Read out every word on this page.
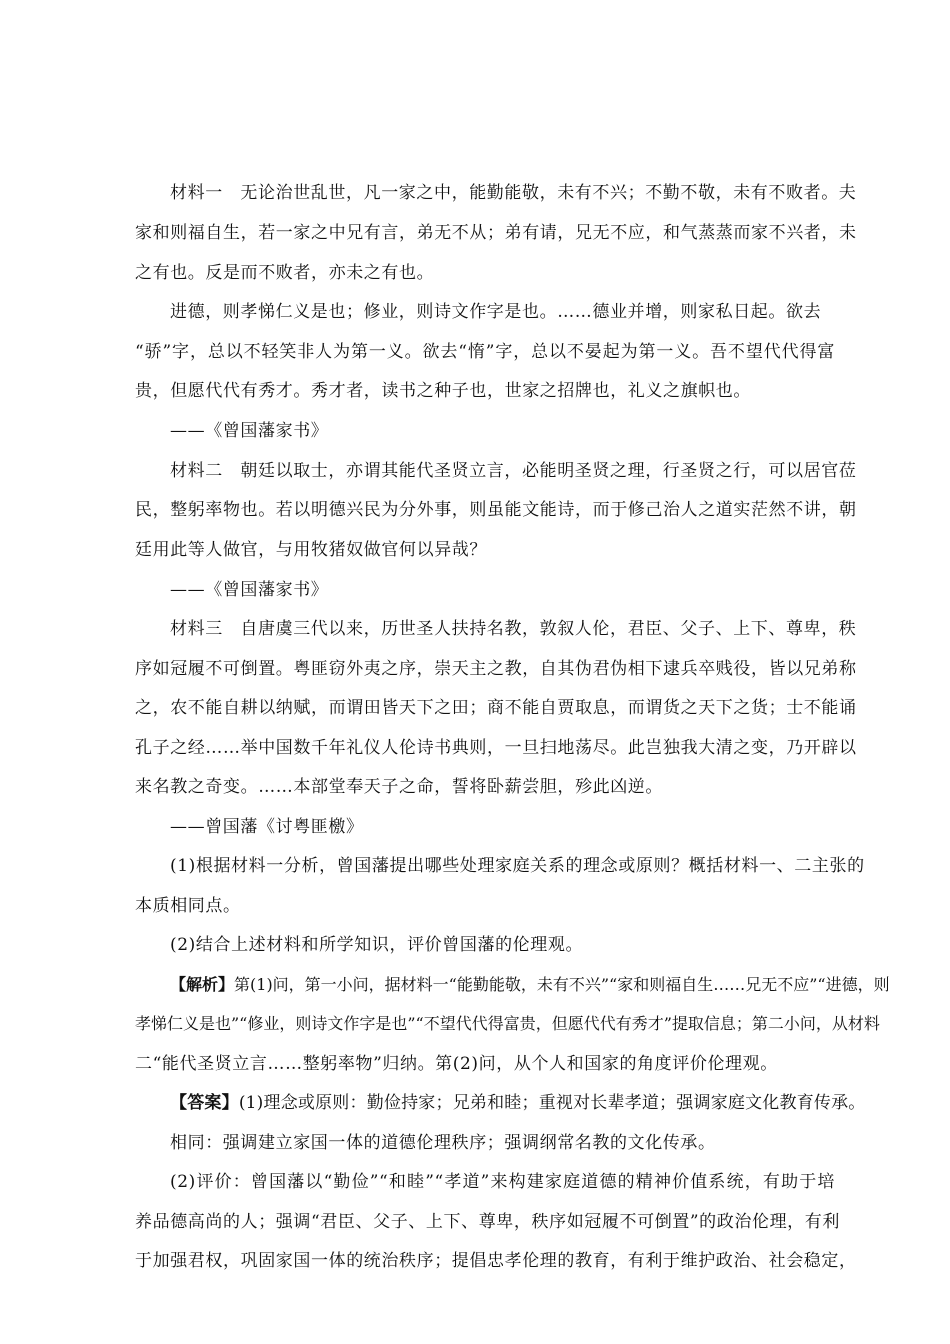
材料一　无论治世乱世，凡一家之中，能勤能敬，未有不兴；不勤不敬，未有不败者。夫
家和则福自生，若一家之中兄有言，弟无不从；弟有请，兄无不应，和气蒸蒸而家不兴者，未
之有也。反是而不败者，亦未之有也。
进德，则孝悌仁义是也；修业，则诗文作字是也。……德业并增，则家私日起。欲去
“骄”字，总以不轻笑非人为第一义。欲去“惰”字，总以不晏起为第一义。吾不望代代得富
贵，但愿代代有秀才。秀才者，读书之种子也，世家之招牌也，礼义之旗帜也。
——《曾国藩家书》
材料二　朝廷以取士，亦谓其能代圣贤立言，必能明圣贤之理，行圣贤之行，可以居官莅
民，整躬率物也。若以明德兴民为分外事，则虽能文能诗，而于修己治人之道实茫然不讲，朝
廷用此等人做官，与用牧猪奴做官何以异哉？
——《曾国藩家书》
材料三　自唐虞三代以来，历世圣人扶持名教，敦叙人伦，君臣、父子、上下、尊卑，秩
序如冠履不可倒置。粤匪窃外夷之序，崇天主之教，自其伪君伪相下逮兵卒贱役，皆以兄弟称
之，农不能自耕以纳赋，而谓田皆天下之田；商不能自贾取息，而谓货之天下之货；士不能诵
孔子之经……举中国数千年礼仪人伦诗书典则，一旦扫地荡尽。此岂独我大清之变，乃开辟以
来名教之奇变。……本部堂奉天子之命，誓将卧薪尝胆，殄此凶逆。
——曾国藩《讨粤匪檄》
(1)根据材料一分析，曾国藩提出哪些处理家庭关系的理念或原则？概括材料一、二主张的
本质相同点。
(2)结合上述材料和所学知识，评价曾国藩的伦理观。
【解析】第(1)问，第一小问，据材料一“能勤能敬，未有不兴”“家和则福自生……兄无不应”“进德，则
孝悌仁义是也”“修业，则诗文作字是也”“不望代代得富贵，但愿代代有秀才”提取信息；第二小问，从材料
二“能代圣贤立言……整躬率物”归纳。第(2)问，从个人和国家的角度评价伦理观。
【答案】(1)理念或原则：勤俭持家；兄弟和睦；重视对长辈孝道；强调家庭文化教育传承。
相同：强调建立家国一体的道德伦理秩序；强调纲常名教的文化传承。
(2)评价：曾国藩以“勤俭”“和睦”“孝道”来构建家庭道德的精神价值系统，有助于培
养品德高尚的人；强调“君臣、父子、上下、尊卑，秩序如冠履不可倒置”的政治伦理，有利
于加强君权，巩固家国一体的统治秩序；提倡忠孝伦理的教育，有利于维护政治、社会稳定，
